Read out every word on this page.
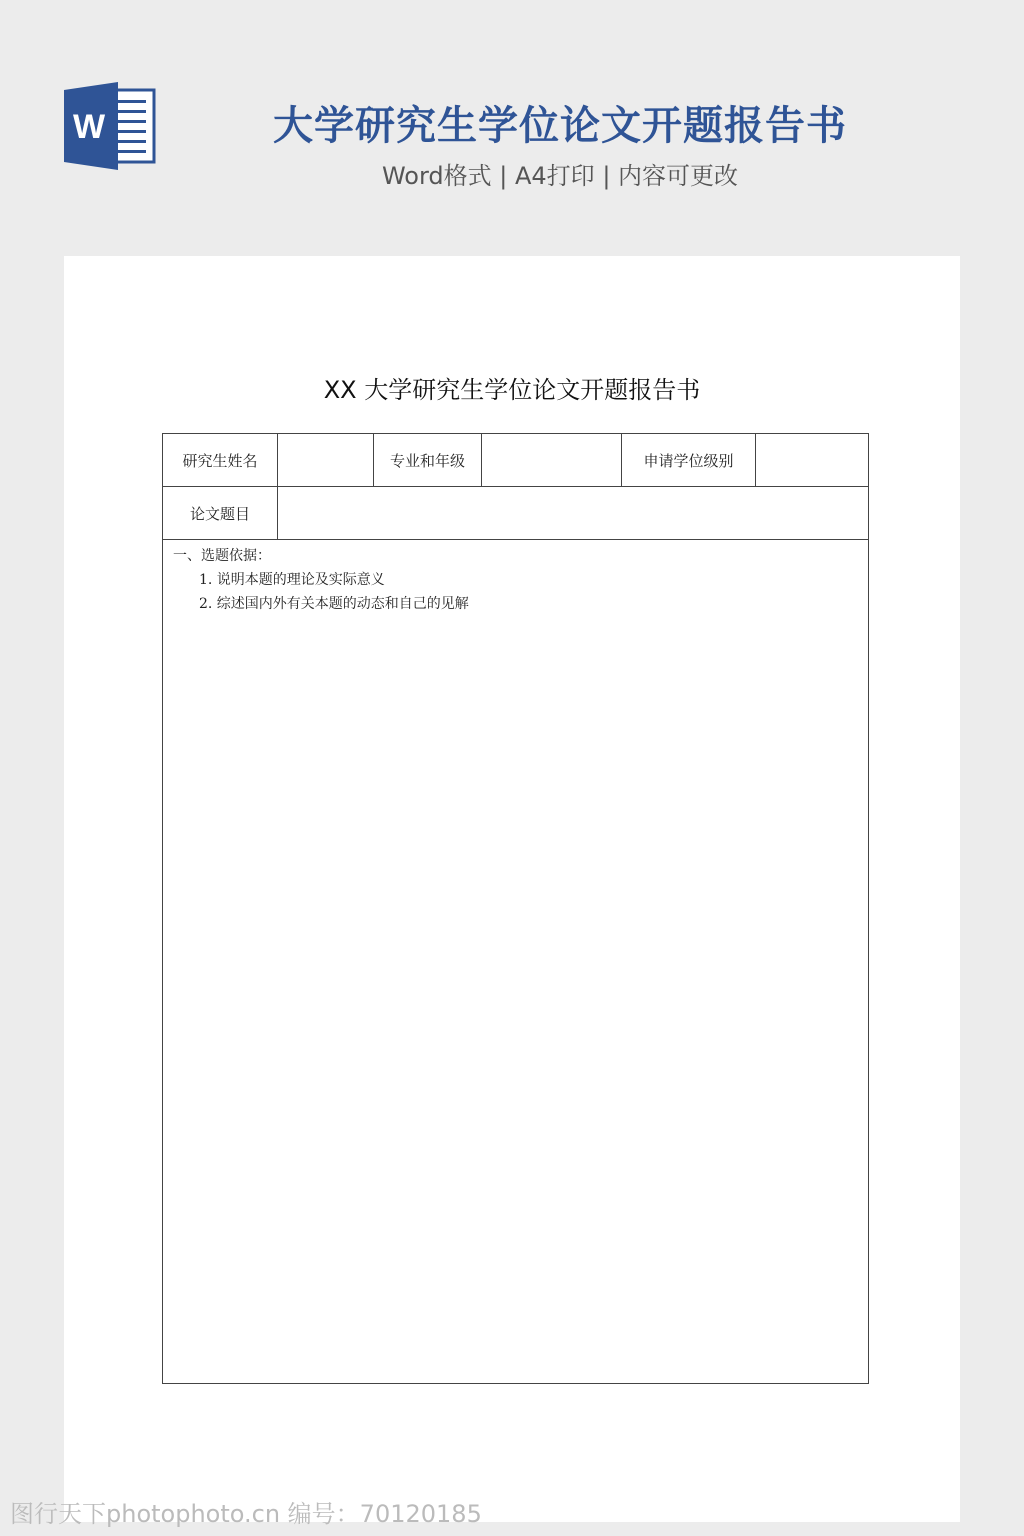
W	大学研究生学位论文开题报告书
Word格式 | A4打印 | 内容可更改
XX 大学研究生学位论文开题报告书
研究生姓名	专业和年级	申请学位级别
论文题目
一、选题依据：
1. 说明本题的理论及实际意义
2. 综述国内外有关本题的动态和自己的见解
图行天下photophoto.cn 编号：70120185
